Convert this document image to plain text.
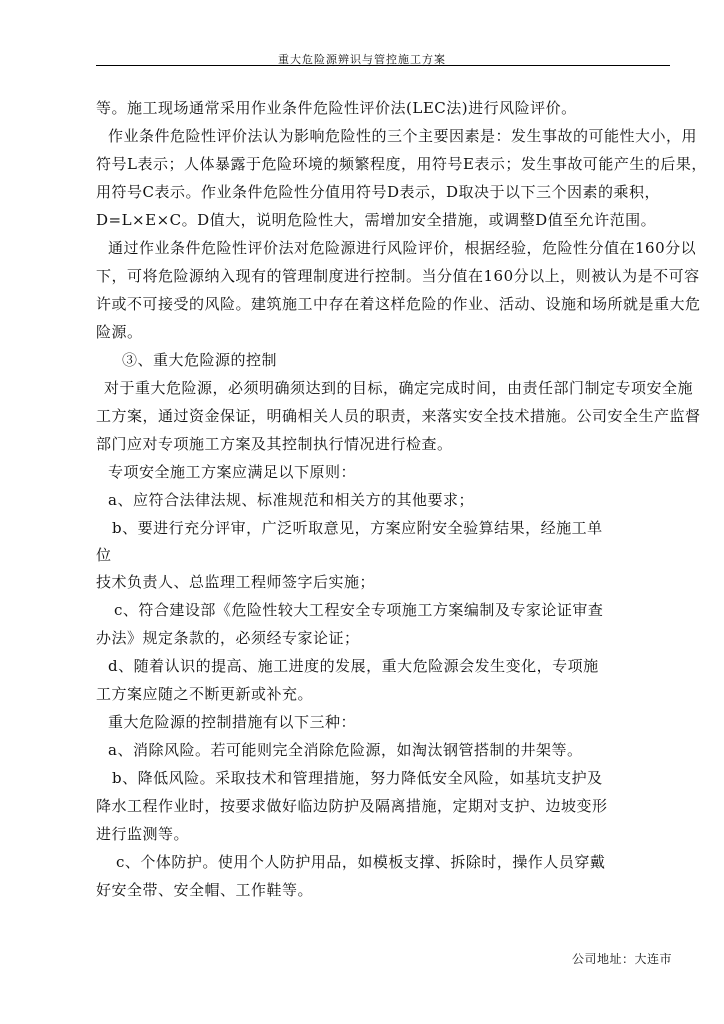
重大危险源辨识与管控施工方案
等。施工现场通常采用作业条件危险性评价法(LEC法)进行风险评价。
作业条件危险性评价法认为影响危险性的三个主要因素是：发生事故的可能性大小，用
符号L表示；人体暴露于危险环境的频繁程度，用符号E表示；发生事故可能产生的后果，
用符号C表示。作业条件危险性分值用符号D表示，D取决于以下三个因素的乘积，
D=L×E×C。D值大，说明危险性大，需增加安全措施，或调整D值至允许范围。
通过作业条件危险性评价法对危险源进行风险评价，根据经验，危险性分值在160分以
下，可将危险源纳入现有的管理制度进行控制。当分值在160分以上，则被认为是不可容
许或不可接受的风险。建筑施工中存在着这样危险的作业、活动、设施和场所就是重大危
险源。
③、重大危险源的控制
对于重大危险源，必须明确须达到的目标，确定完成时间，由责任部门制定专项安全施
工方案，通过资金保证，明确相关人员的职责，来落实安全技术措施。公司安全生产监督
部门应对专项施工方案及其控制执行情况进行检查。
专项安全施工方案应满足以下原则：
a、应符合法律法规、标准规范和相关方的其他要求；
b、要进行充分评审，广泛听取意见，方案应附安全验算结果，经施工单
位
技术负责人、总监理工程师签字后实施；
c、符合建设部《危险性较大工程安全专项施工方案编制及专家论证审查
办法》规定条款的，必须经专家论证；
d、随着认识的提高、施工进度的发展，重大危险源会发生变化，专项施
工方案应随之不断更新或补充。
重大危险源的控制措施有以下三种：
a、消除风险。若可能则完全消除危险源，如淘汰钢管搭制的井架等。
b、降低风险。采取技术和管理措施，努力降低安全风险，如基坑支护及
降水工程作业时，按要求做好临边防护及隔离措施，定期对支护、边坡变形
进行监测等。
c、个体防护。使用个人防护用品，如模板支撑、拆除时，操作人员穿戴
好安全带、安全帽、工作鞋等。
公司地址：大连市
